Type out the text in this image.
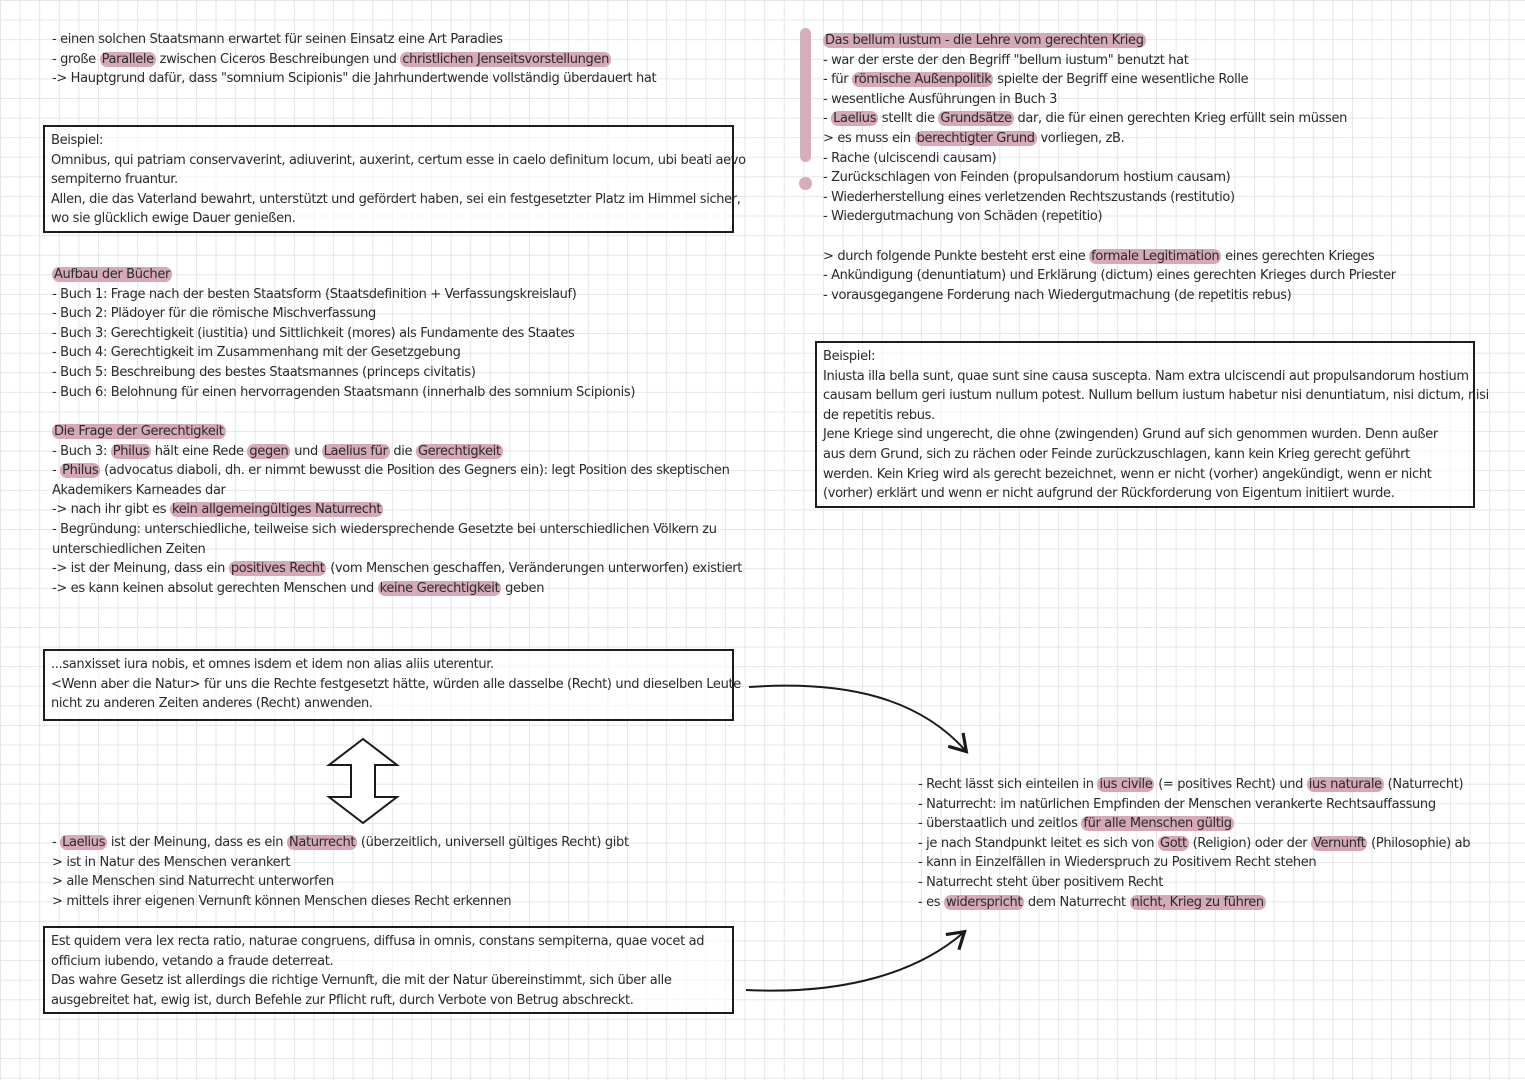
- einen solchen Staatsmann erwartet für seinen Einsatz eine Art Paradies
- große Parallele zwischen Ciceros Beschreibungen und christlichen Jenseitsvorstellungen
-> Hauptgrund dafür, dass "somnium Scipionis" die Jahrhundertwende vollständig überdauert hat
Beispiel:
Omnibus, qui patriam conservaverint, adiuverint, auxerint, certum esse in caelo definitum locum, ubi beati aevo
sempiterno fruantur.
Allen, die das Vaterland bewahrt, unterstützt und gefördert haben, sei ein festgesetzter Platz im Himmel sicher,
wo sie glücklich ewige Dauer genießen.
Aufbau der Bücher
- Buch 1: Frage nach der besten Staatsform (Staatsdefinition + Verfassungskreislauf)
- Buch 2: Plädoyer für die römische Mischverfassung
- Buch 3: Gerechtigkeit (iustitia) und Sittlichkeit (mores) als Fundamente des Staates
- Buch 4: Gerechtigkeit im Zusammenhang mit der Gesetzgebung
- Buch 5: Beschreibung des bestes Staatsmannes (princeps civitatis)
- Buch 6: Belohnung für einen hervorragenden Staatsmann (innerhalb des somnium Scipionis)
Die Frage der Gerechtigkeit
- Buch 3: Philus hält eine Rede gegen und Laelius für die Gerechtigkeit
- Philus (advocatus diaboli, dh. er nimmt bewusst die Position des Gegners ein): legt Position des skeptischen
Akademikers Karneades dar
-> nach ihr gibt es kein allgemeingültiges Naturrecht
- Begründung: unterschiedliche, teilweise sich wiedersprechende Gesetzte bei unterschiedlichen Völkern zu
unterschiedlichen Zeiten
-> ist der Meinung, dass ein positives Recht (vom Menschen geschaffen, Veränderungen unterworfen) existiert
-> es kann keinen absolut gerechten Menschen und keine Gerechtigkeit geben
...sanxisset iura nobis, et omnes isdem et idem non alias aliis uterentur.
<Wenn aber die Natur> für uns die Rechte festgesetzt hätte, würden alle dasselbe (Recht) und dieselben Leute
nicht zu anderen Zeiten anderes (Recht) anwenden.
- Laelius ist der Meinung, dass es ein Naturrecht (überzeitlich, universell gültiges Recht) gibt
> ist in Natur des Menschen verankert
> alle Menschen sind Naturrecht unterworfen
> mittels ihrer eigenen Vernunft können Menschen dieses Recht erkennen
Est quidem vera lex recta ratio, naturae congruens, diffusa in omnis, constans sempiterna, quae vocet ad
officium iubendo, vetando a fraude deterreat.
Das wahre Gesetz ist allerdings die richtige Vernunft, die mit der Natur übereinstimmt, sich über alle
ausgebreitet hat, ewig ist, durch Befehle zur Pflicht ruft, durch Verbote von Betrug abschreckt.
Das bellum iustum - die Lehre vom gerechten Krieg
- war der erste der den Begriff "bellum iustum" benutzt hat
- für römische Außenpolitik spielte der Begriff eine wesentliche Rolle
- wesentliche Ausführungen in Buch 3
- Laelius stellt die Grundsätze dar, die für einen gerechten Krieg erfüllt sein müssen
> es muss ein berechtigter Grund vorliegen, zB.
- Rache (ulciscendi causam)
- Zurückschlagen von Feinden (propulsandorum hostium causam)
- Wiederherstellung eines verletzenden Rechtszustands (restitutio)
- Wiedergutmachung von Schäden (repetitio)
> durch folgende Punkte besteht erst eine formale Legitimation eines gerechten Krieges
- Ankündigung (denuntiatum) und Erklärung (dictum) eines gerechten Krieges durch Priester
- vorausgegangene Forderung nach Wiedergutmachung (de repetitis rebus)
Beispiel:
Iniusta illa bella sunt, quae sunt sine causa suscepta. Nam extra ulciscendi aut propulsandorum hostium
causam bellum geri iustum nullum potest. Nullum bellum iustum habetur nisi denuntiatum, nisi dictum, nisi
de repetitis rebus.
Jene Kriege sind ungerecht, die ohne (zwingenden) Grund auf sich genommen wurden. Denn außer
aus dem Grund, sich zu rächen oder Feinde zurückzuschlagen, kann kein Krieg gerecht geführt
werden. Kein Krieg wird als gerecht bezeichnet, wenn er nicht (vorher) angekündigt, wenn er nicht
(vorher) erklärt und wenn er nicht aufgrund der Rückforderung von Eigentum initiiert wurde.
- Recht lässt sich einteilen in ius civile (= positives Recht) und ius naturale (Naturrecht)
- Naturrecht: im natürlichen Empfinden der Menschen verankerte Rechtsauffassung
- überstaatlich und zeitlos für alle Menschen gültig
- je nach Standpunkt leitet es sich von Gott (Religion) oder der Vernunft (Philosophie) ab
- kann in Einzelfällen in Wiederspruch zu Positivem Recht stehen
- Naturrecht steht über positivem Recht
- es widerspricht dem Naturrecht nicht, Krieg zu führen
